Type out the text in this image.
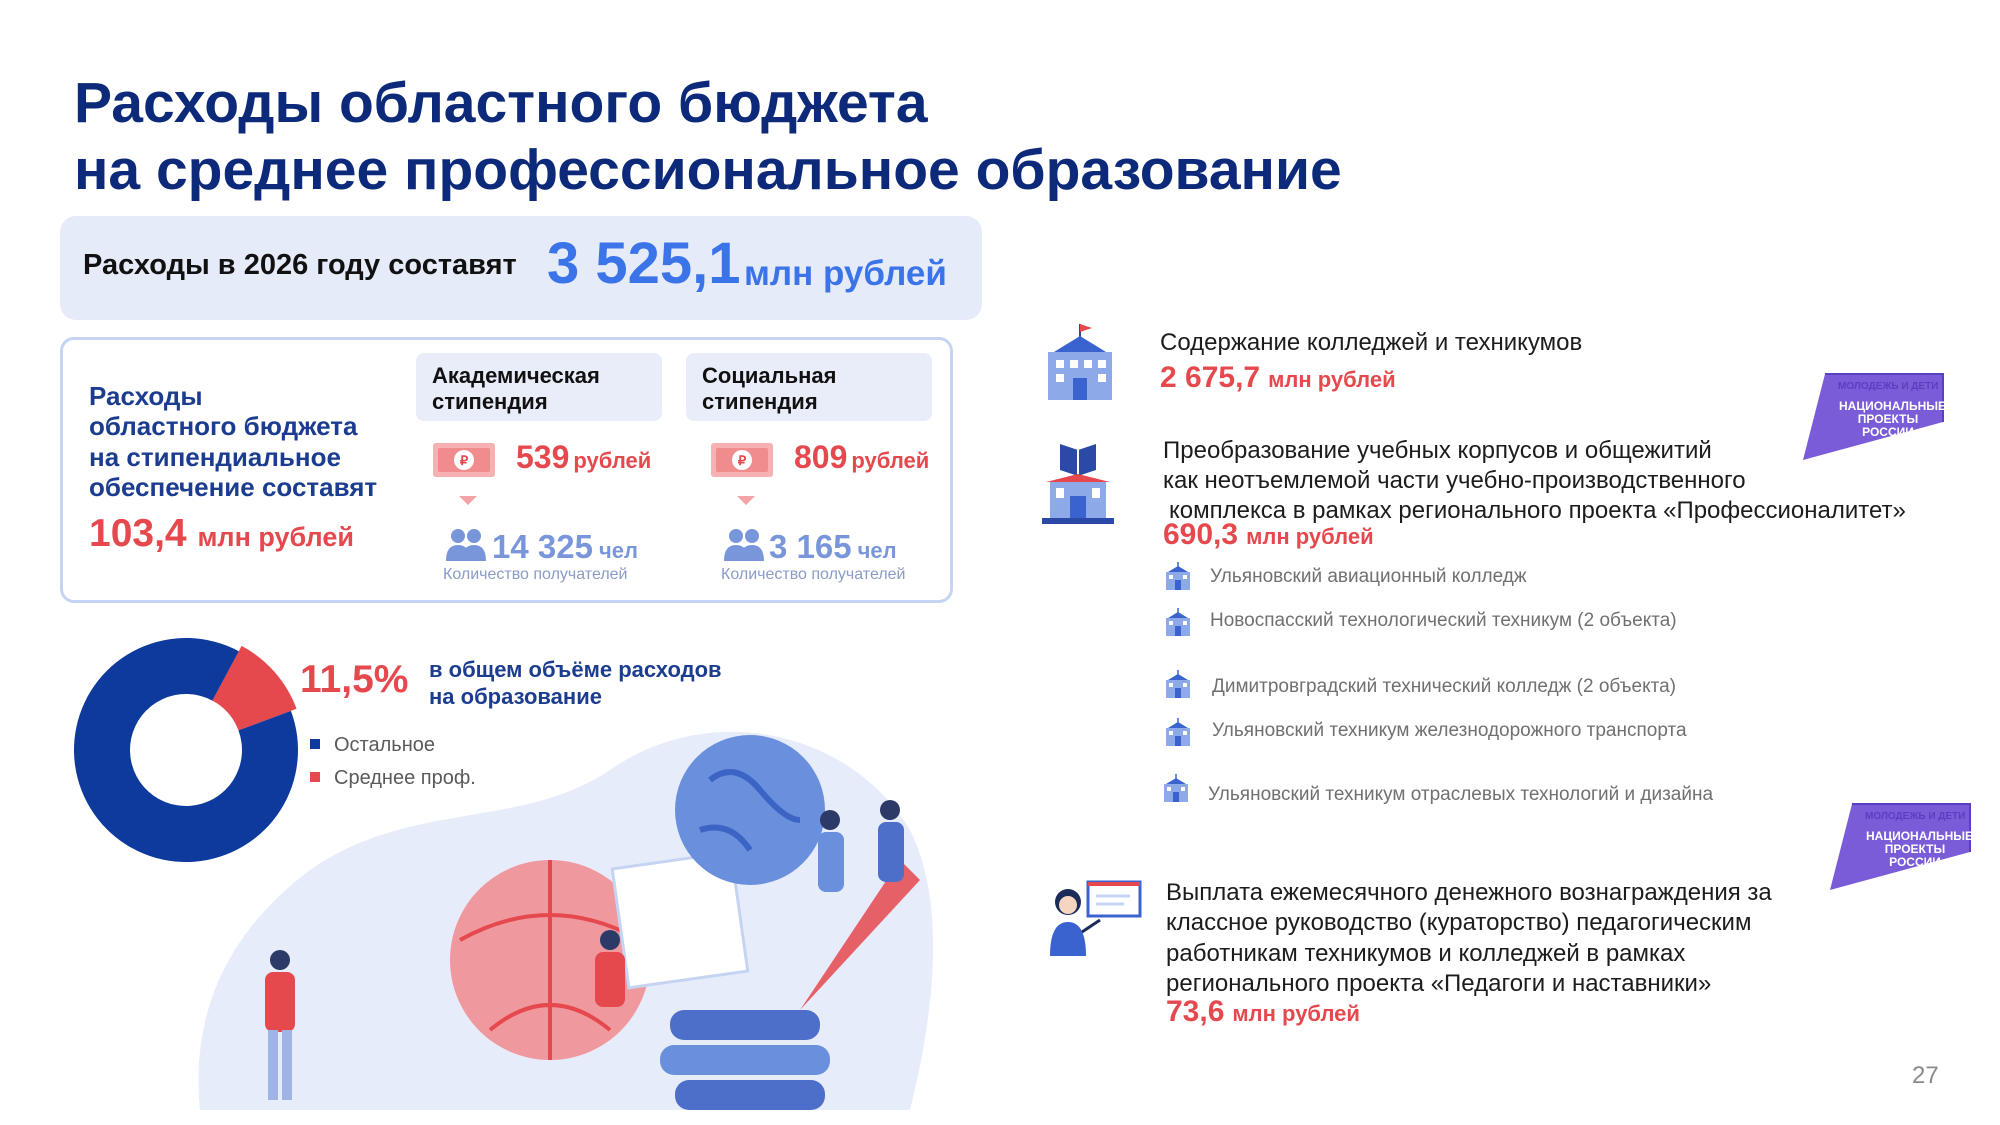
Расходы областного бюджета
на среднее профессиональное образование
Расходы в 2026 году составят 3 525,1 млн рублей
Расходы
областного бюджета
на стипендиальное
обеспечение составят
103,4 млн рублей
Академическая
стипендия
₽ 539 рублей
14 325 чел
Количество получателей
Социальная
стипендия
₽ 809 рублей
3 165 чел
Количество получателей
11,5% в общем объёме расходов
на образование
Остальное
Среднее проф.
Содержание колледжей и техникумов
2 675,7 млн рублей	МОЛОДЕЖЬ И ДЕТИ
НАЦИОНАЛЬНЫЕ
ПРОЕКТЫ
РОССИИ
Преобразование учебных корпусов и общежитий
как неотъемлемой части учебно-производственного
комплекса в рамках регионального проекта «Профессионалитет»
690,3 млн рублей
Ульяновский авиационный колледж
Новоспасский технологический техникум (2 объекта)
Димитровградский технический колледж (2 объекта)
Ульяновский техникум железнодорожного транспорта
Ульяновский техникум отраслевых технологий и дизайна
МОЛОДЕЖЬ И ДЕТИ
НАЦИОНАЛЬНЫЕ
ПРОЕКТЫ
РОССИИ
Выплата ежемесячного денежного вознаграждения за
классное руководство (кураторство) педагогическим
работникам техникумов и колледжей в рамках
регионального проекта «Педагоги и наставники»
73,6 млн рублей
27
